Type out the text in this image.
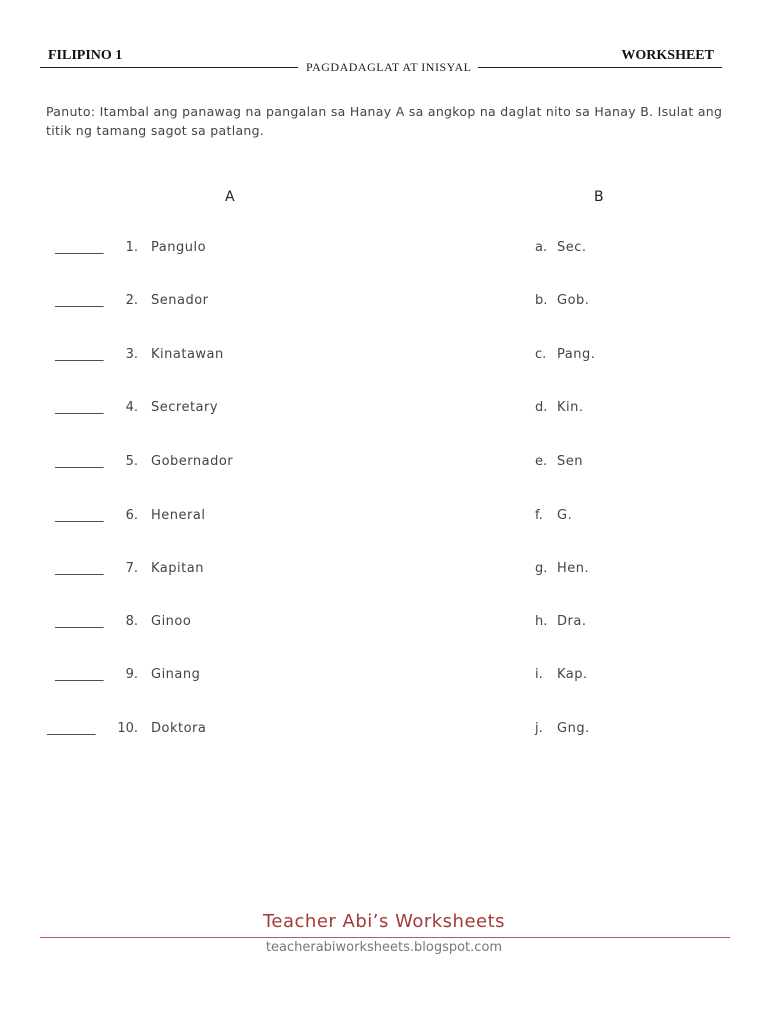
FILIPINO 1
PAGDADAGLAT AT INISYAL
WORKSHEET
Panuto: Itambal ang panawag na pangalan sa Hanay A sa angkop na daglat nito sa Hanay B. Isulat ang titik ng tamang sagot sa patlang.
A	B
________	1. Pangulo	a. Sec.
________	2. Senador	b. Gob.
________	3. Kinatawan	c. Pang.
________	4. Secretary	d. Kin.
________	5. Gobernador	e. Sen
________	6. Heneral	f. G.
________	7. Kapitan	g. Hen.
________	8. Ginoo	h. Dra.
________	9. Ginang	i. Kap.
________	10. Doktora	j. Gng.
Teacher Abi’s Worksheets
teacherabiworksheets.blogspot.com
